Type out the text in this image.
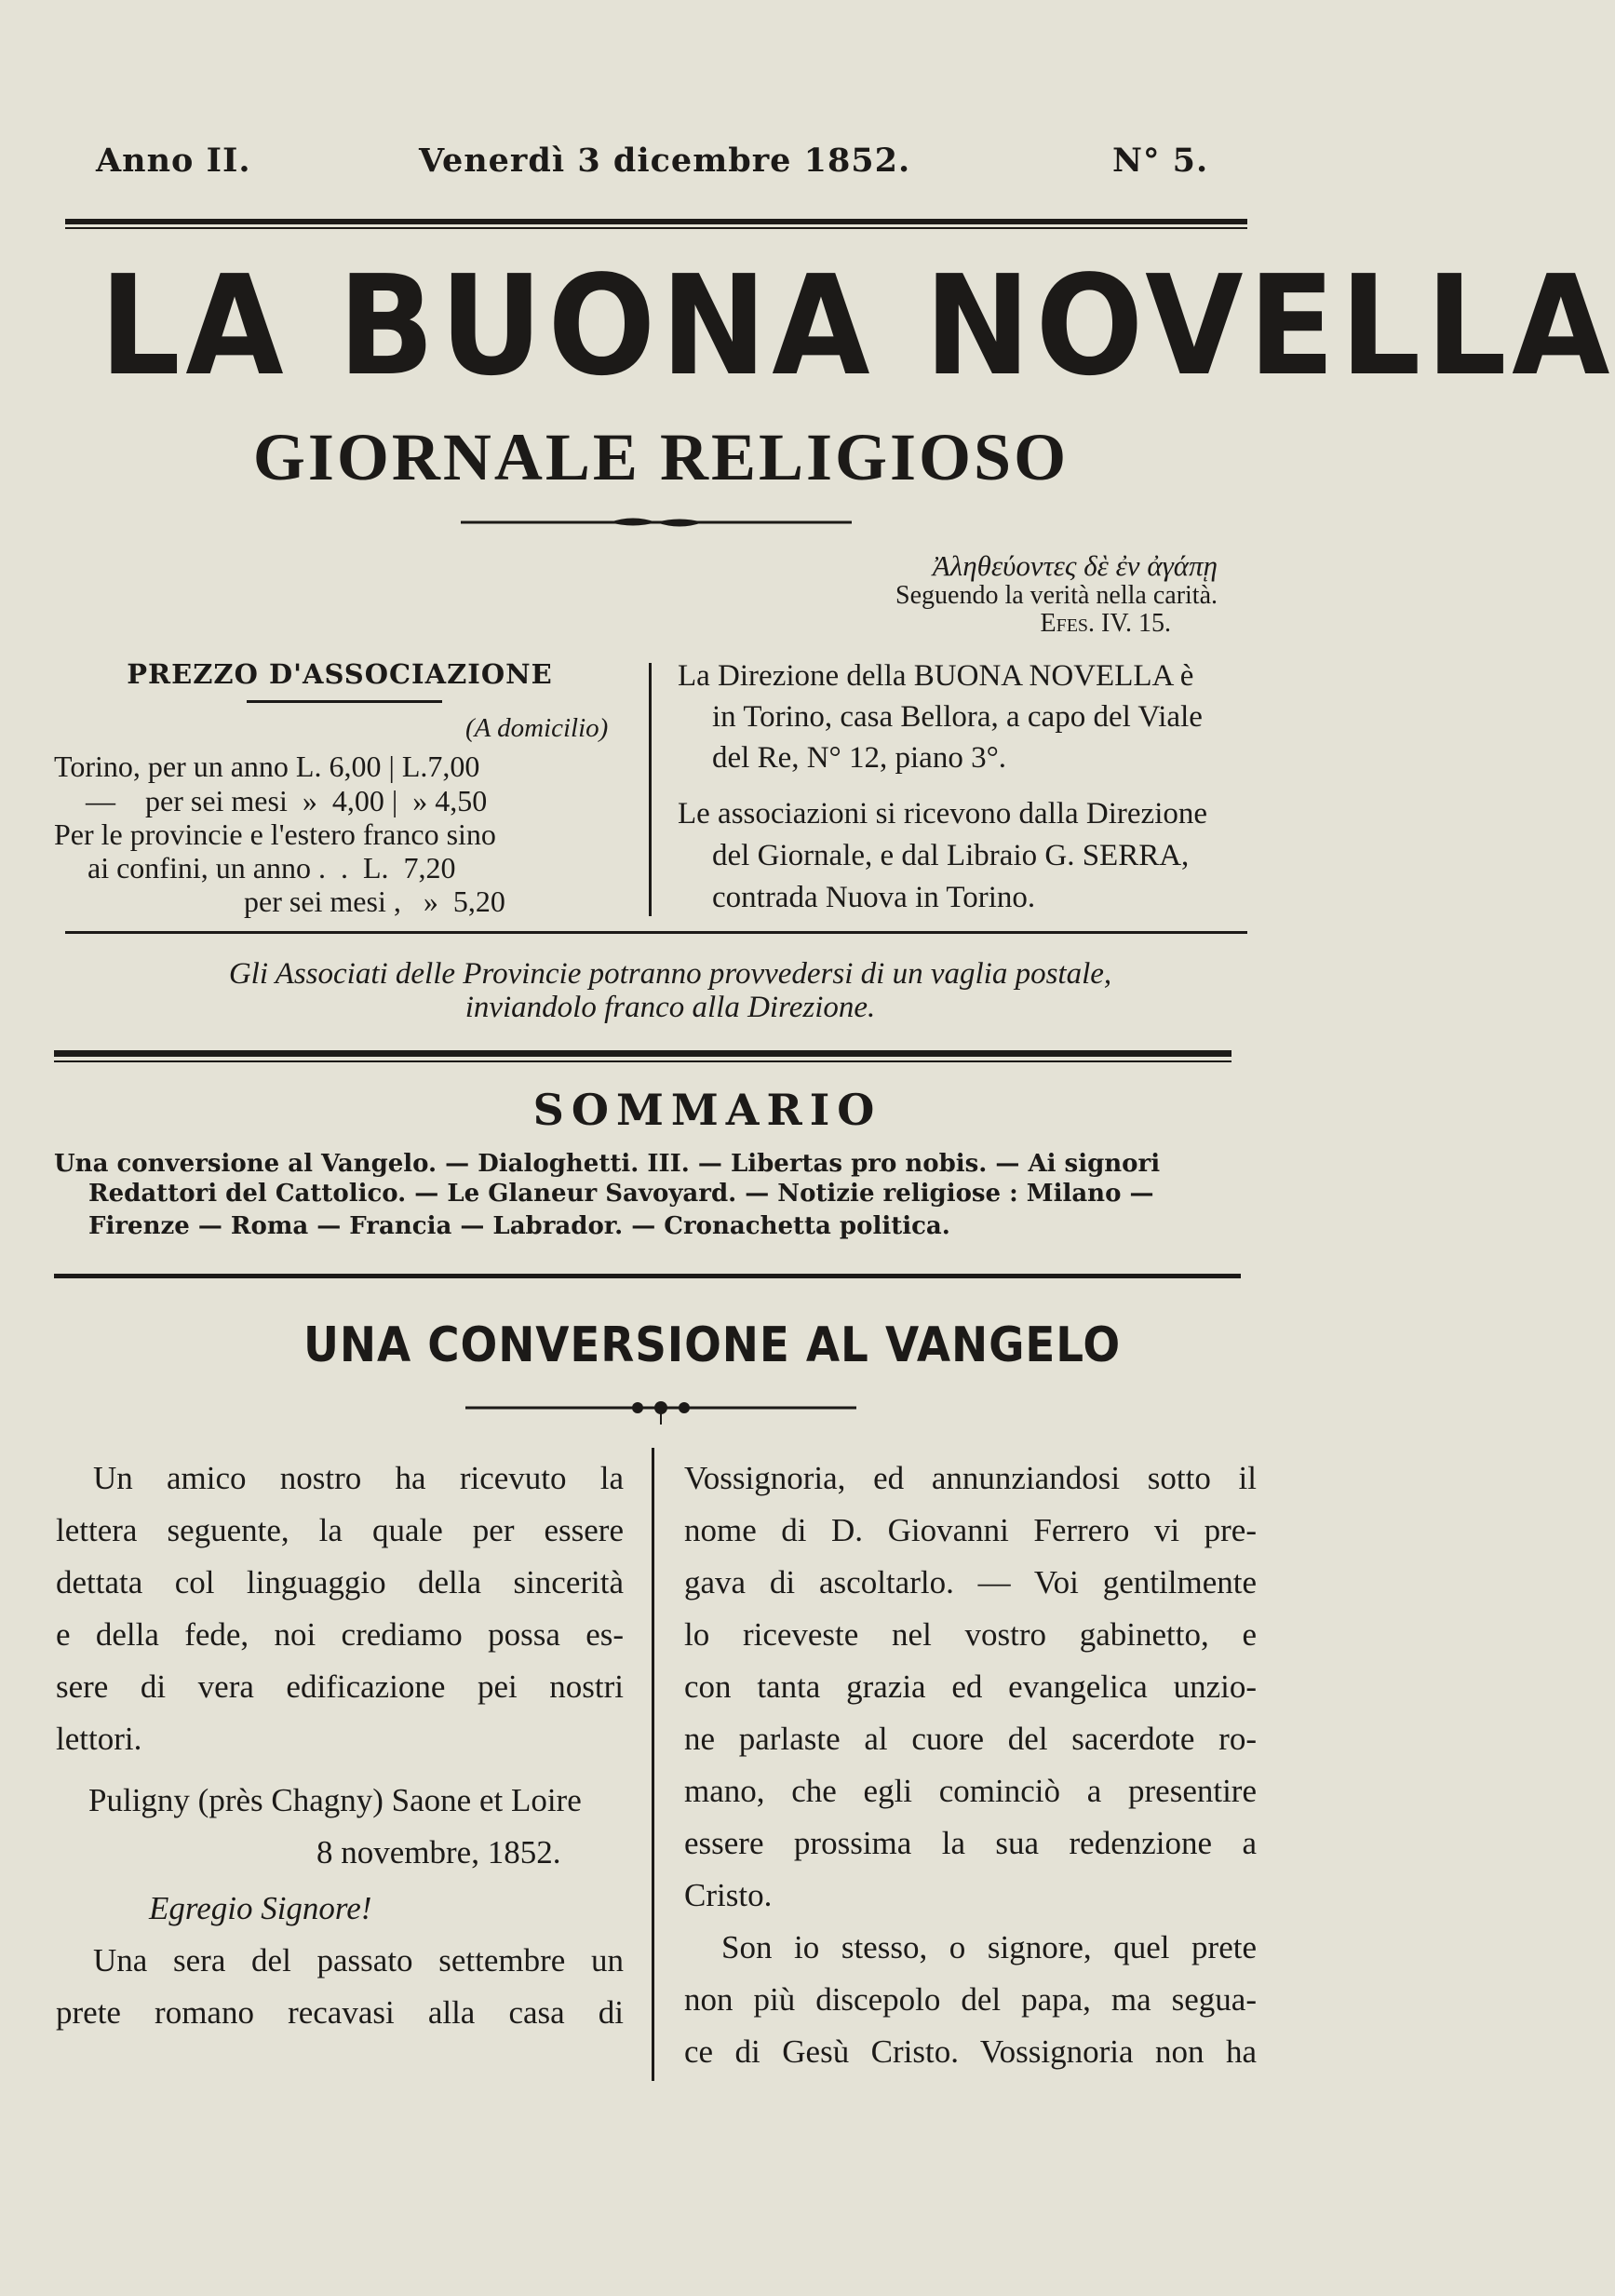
Anno II.	Venerdì 3 dicembre 1852.	N° 5.
LA BUONA NOVELLA
GIORNALE RELIGIOSO
Ἀληθεύοντες δὲ ἐν ἀγάπῃ
Seguendo la verità nella carità.
Efes. IV. 15.
PREZZO D'ASSOCIAZIONE
(A domicilio)
Torino, per un anno L. 6,00 | L.7,00
—    per sei mesi  »  4,00 |  » 4,50
Per le provincie e l'estero franco sino
ai confini, un anno .  .  L.  7,20
per sei mesi ,   »  5,20
La Direzione della BUONA NOVELLA è
in Torino, casa Bellora, a capo del Viale
del Re, N° 12, piano 3°.
Le associazioni si ricevono dalla Direzione
del Giornale, e dal Libraio G. SERRA,
contrada Nuova in Torino.
Gli Associati delle Provincie potranno provvedersi di un vaglia postale,
inviandolo franco alla Direzione.
SOMMARIO
Una conversione al Vangelo. — Dialoghetti. III. — Libertas pro nobis. — Ai signori
Redattori del Cattolico. — Le Glaneur Savoyard. — Notizie religiose : Milano —
Firenze — Roma — Francia — Labrador. — Cronachetta politica.
UNA CONVERSIONE AL VANGELO
Un amico nostro ha ricevuto la
lettera seguente, la quale per essere
dettata col linguaggio della sincerità
e della fede, noi crediamo possa es-
sere di vera edificazione pei nostri
lettori.
Puligny (près Chagny) Saone et Loire
8 novembre, 1852.
Egregio Signore!
Una sera del passato settembre un
prete romano recavasi alla casa di
Vossignoria, ed annunziandosi sotto il
nome di D. Giovanni Ferrero vi pre-
gava di ascoltarlo. — Voi gentilmente
lo riceveste nel vostro gabinetto, e
con tanta grazia ed evangelica unzio-
ne parlaste al cuore del sacerdote ro-
mano, che egli cominciò a presentire
essere prossima la sua redenzione a
Cristo.
Son io stesso, o signore, quel prete
non più discepolo del papa, ma segua-
ce di Gesù Cristo. Vossignoria non ha
